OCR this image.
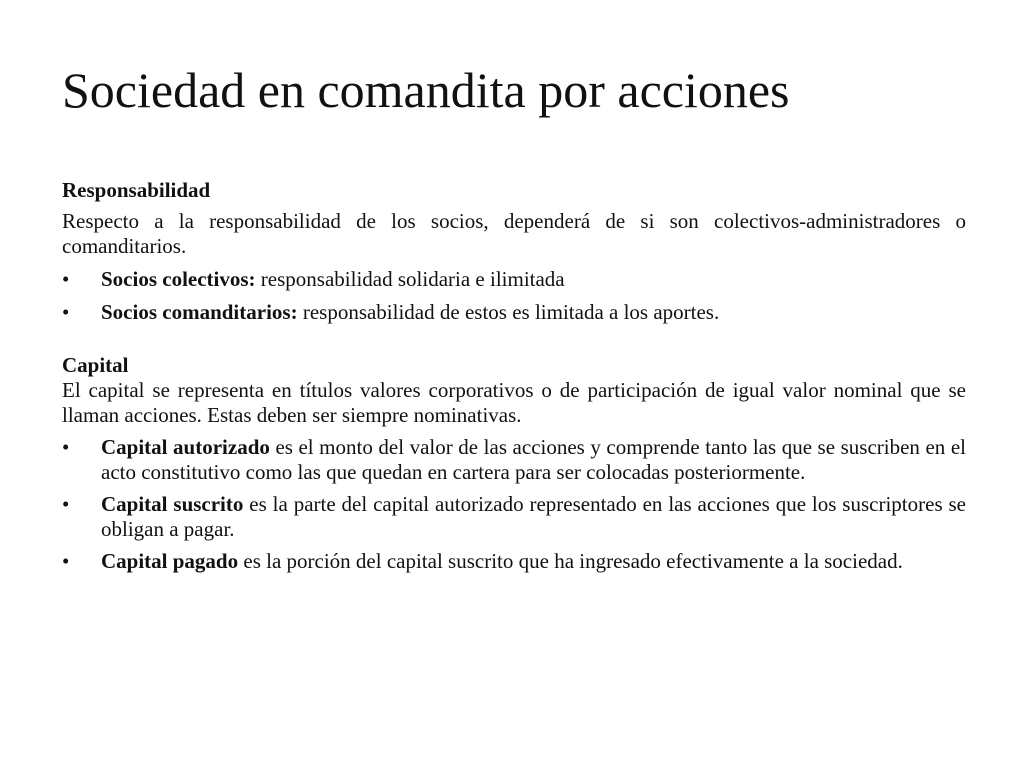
Sociedad en comandita por acciones
Responsabilidad

Respecto a la responsabilidad de los socios, dependerá de si son colectivos-administradores o comanditarios.

• Socios colectivos: responsabilidad solidaria e ilimitada
• Socios comanditarios: responsabilidad de estos es limitada a los aportes.
Capital

El capital se representa en títulos valores corporativos o de participación de igual valor nominal que se llaman acciones. Estas deben ser siempre nominativas.

• Capital autorizado es el monto del valor de las acciones y comprende tanto las que se suscriben en el acto constitutivo como las que quedan en cartera para ser colocadas posteriormente.
• Capital suscrito es la parte del capital autorizado representado en las acciones que los suscriptores se obligan a pagar.
• Capital pagado es la porción del capital suscrito que ha ingresado efectivamente a la sociedad.
